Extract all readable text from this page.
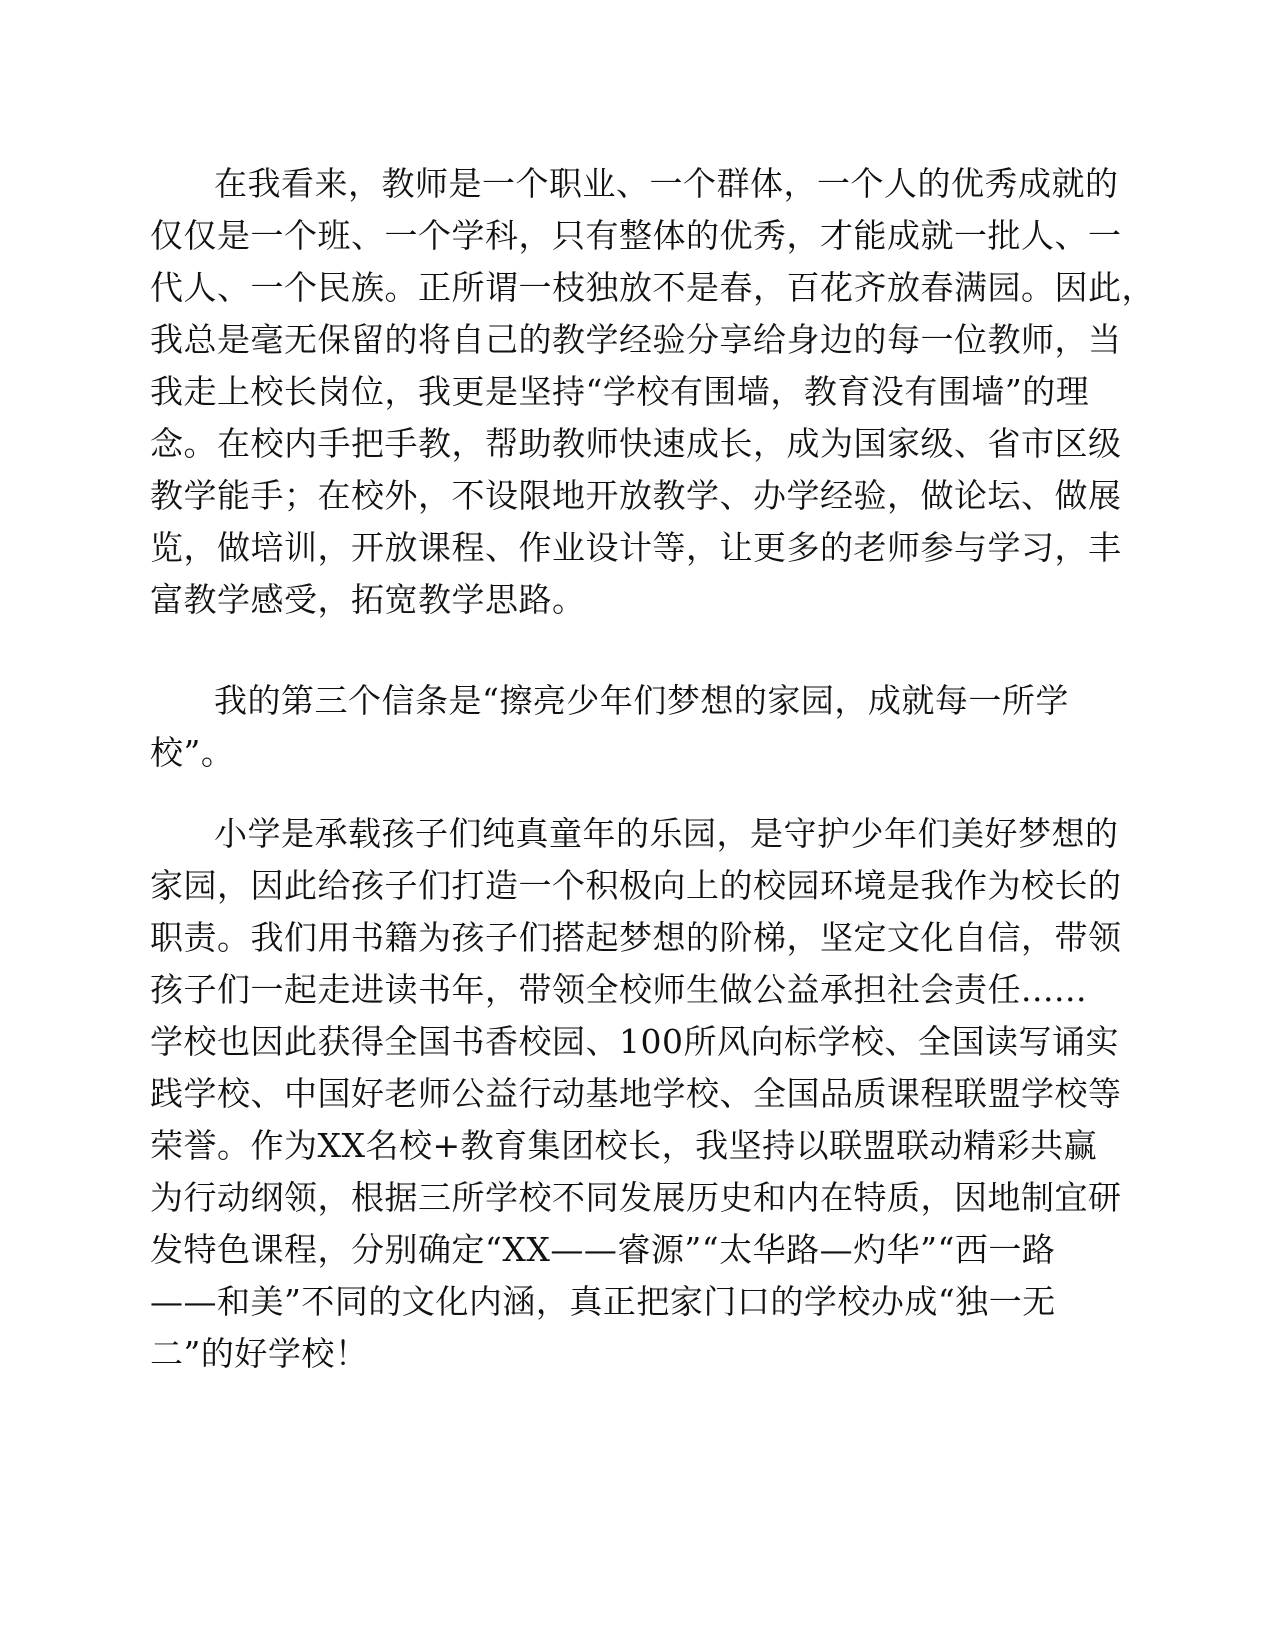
在我看来，教师是一个职业、一个群体，一个人的优秀成就的
仅仅是一个班、一个学科，只有整体的优秀，才能成就一批人、一
代人、一个民族。正所谓一枝独放不是春，百花齐放春满园。因此，
我总是毫无保留的将自己的教学经验分享给身边的每一位教师，当
我走上校长岗位，我更是坚持“学校有围墙，教育没有围墙”的理
念。在校内手把手教，帮助教师快速成长，成为国家级、省市区级
教学能手；在校外，不设限地开放教学、办学经验，做论坛、做展
览，做培训，开放课程、作业设计等，让更多的老师参与学习，丰
富教学感受，拓宽教学思路。
我的第三个信条是“擦亮少年们梦想的家园，成就每一所学
校”。
小学是承载孩子们纯真童年的乐园，是守护少年们美好梦想的
家园，因此给孩子们打造一个积极向上的校园环境是我作为校长的
职责。我们用书籍为孩子们搭起梦想的阶梯，坚定文化自信，带领
孩子们一起走进读书年，带领全校师生做公益承担社会责任......
学校也因此获得全国书香校园、100所风向标学校、全国读写诵实
践学校、中国好老师公益行动基地学校、全国品质课程联盟学校等
荣誉。作为XX名校+教育集团校长，我坚持以联盟联动精彩共赢
为行动纲领，根据三所学校不同发展历史和内在特质，因地制宜研
发特色课程，分别确定“XX——睿源”“太华路—灼华”“西一路
——和美”不同的文化内涵，真正把家门口的学校办成“独一无
二”的好学校！
